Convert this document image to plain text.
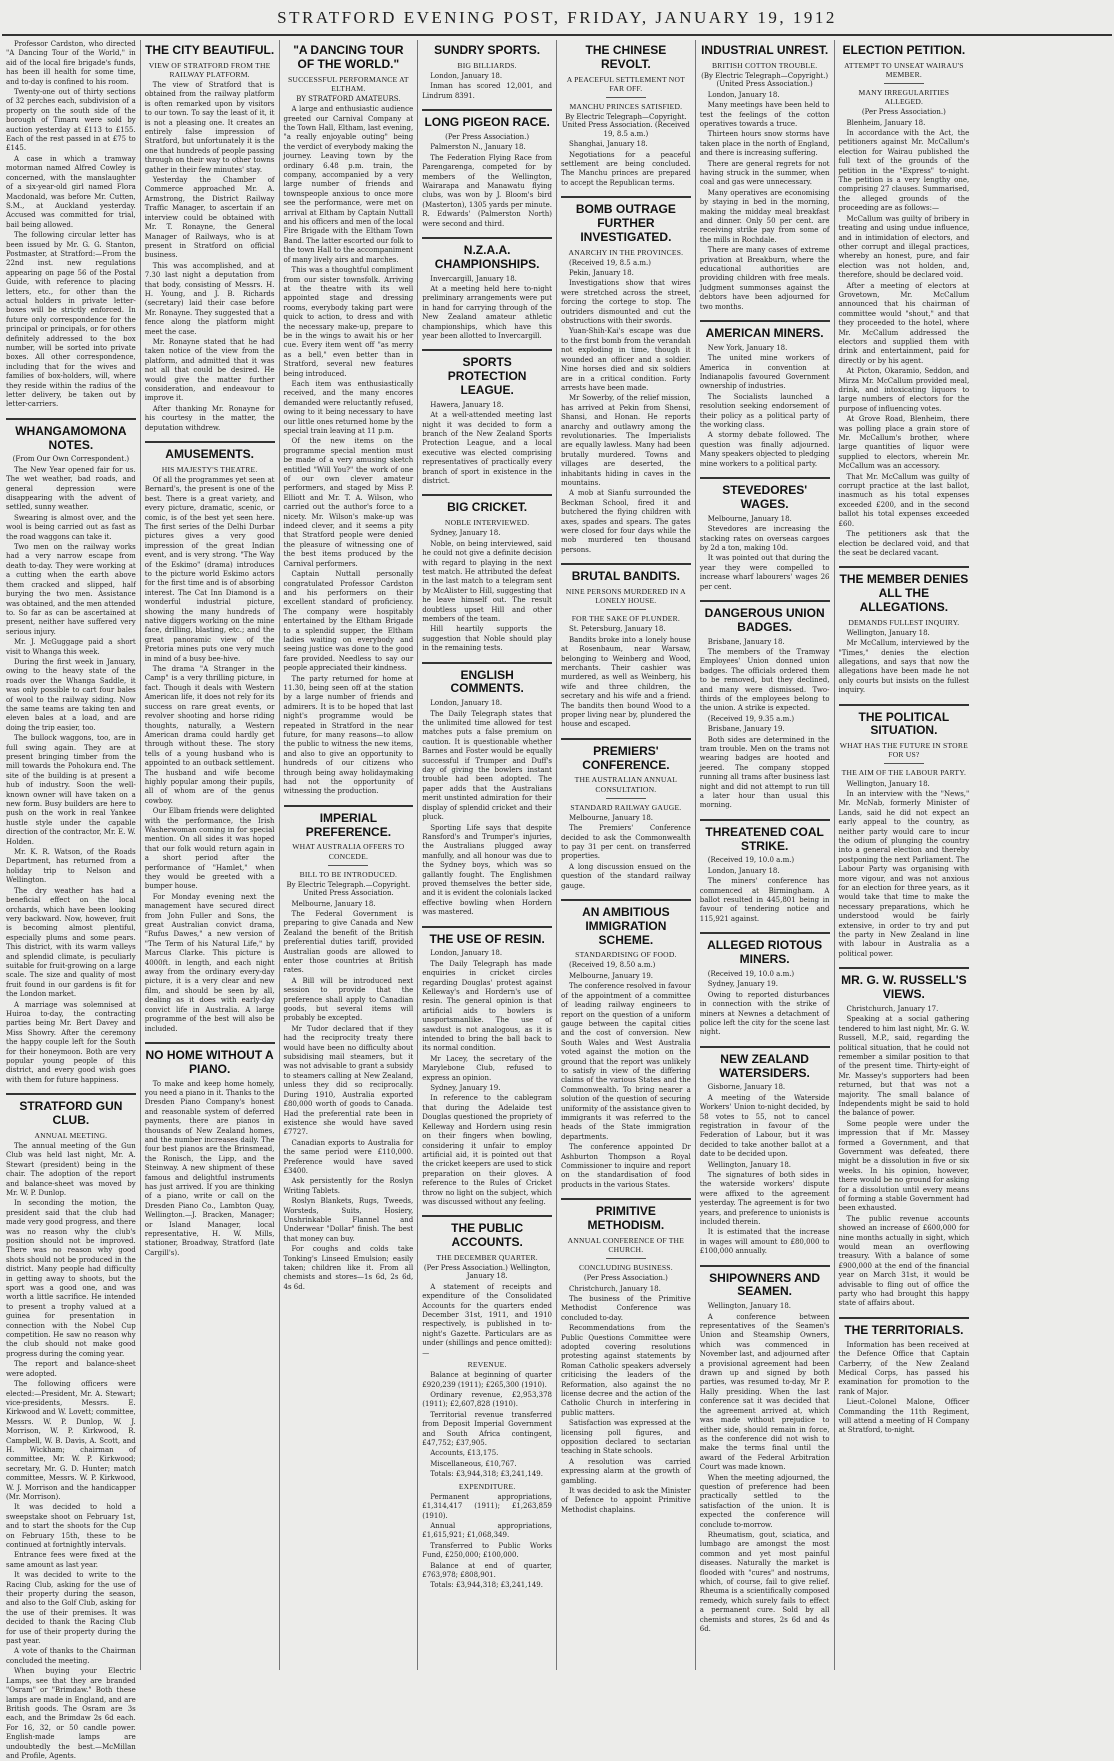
STRATFORD EVENING POST, FRIDAY, JANUARY 19, 1912
Professor Cardston, who directed "A Dancing Tour of the World," in aid of the local fire brigade's funds, has been ill health for some time, and to-day is confined to his room.
Twenty-one out of thirty sections of 32 perches each, subdivision of a property on the south side of the borough of Timaru were sold by auction yesterday at £113 to £155. Each of the rest passed in at £75 to £145.
A case in which a tramway motorman named Alfred Cowley is concerned, with the manslaughter of a six-year-old girl named Flora Macdonald, was before Mr. Cutten, S.M., at Auckland yesterday. Accused was committed for trial, bail being allowed.
The following circular letter has been issued by Mr. G. G. Stanton, Postmaster, at Stratford:—From the 22nd inst. new regulations appearing on page 56 of the Postal Guide, with reference to placing letters, etc., for other than the actual holders in private letter-boxes will be strictly enforced. In future only correspondence for the principal or principals, or for others definitely addressed to the box number, will be sorted into private boxes. All other correspondence, including that for the wives and families of box-holders, will, where they reside within the radius of the letter delivery, be taken out by letter-carriers.
WHANGAMOMONA NOTES.
(From Our Own Correspondent.)
The New Year opened fair for us. The wet weather, bad roads, and general depression were disappearing with the advent of settled, sunny weather.
Swearing is almost over, and the wool is being carried out as fast as the road waggons can take it.
Two men on the railway works had a very narrow escape from death to-day. They were working at a cutting when the earth above them cracked and slipped, half burying the two men. Assistance was obtained, and the men attended to. So far as can be ascertained at present, neither have suffered very serious injury.
Mr. J. McGuggage paid a short visit to Whanga this week.
During the first week in January, owing to the heavy state of the roads over the Whanga Saddle, it was only possible to cart four bales of wool to the railway siding. Now the same teams are taking ten and eleven bales at a load, and are doing the trip easier, too.
The bullock waggons, too, are in full swing again. They are at present bringing timber from the mill towards the Pohokura end. The site of the building is at present a hub of industry. Soon the well-known owner will have taken on a new form. Busy builders are here to push on the work in real Yankee hustle style under the capable direction of the contractor, Mr. E. W. Holden.
Mr. K. R. Watson, of the Roads Department, has returned from a holiday trip to Nelson and Wellington.
The dry weather has had a beneficial effect on the local orchards, which have been looking very backward. Now, however, fruit is becoming almost plentiful, especially plums and some pears. This district, with its warm valleys and splendid climate, is peculiarly suitable for fruit-growing on a large scale. The size and quality of most fruit found in our gardens is fit for the London market.
A marriage was solemnised at Huiroa to-day, the contracting parties being Mr. Bert Davey and Miss Showry. After the ceremony the happy couple left for the South for their honeymoon. Both are very popular young people of this district, and every good wish goes with them for future happiness.
STRATFORD GUN CLUB.
ANNUAL MEETING.
The annual meeting of the Gun Club was held last night, Mr. A. Stewart (president) being in the chair. The adoption of the report and balance-sheet was moved by Mr. W. P. Dunlop.
In seconding the motion, the president said that the club had made very good progress, and there was no reason why the club's position should not be improved. There was no reason why good shots should not be produced in the district. Many people had difficulty in getting away to shoots, but the sport was a good one, and was worth a little sacrifice. He intended to present a trophy valued at a guinea for presentation in connection with the Nobel Cup competition. He saw no reason why the club should not make good progress during the coming year.
The report and balance-sheet were adopted.
The following officers were elected:—President, Mr. A. Stewart; vice-presidents, Messrs. E. Kirkwood and W. Lovett; committee, Messrs. W. P. Dunlop, W. J. Morrison, W. P. Kirkwood, R. Campbell, W. B. Davis, A. Scott, and H. Wickham; chairman of committee, Mr. W. P. Kirkwood; secretary, Mr. G. D. Hunter; match committee, Messrs. W. P. Kirkwood, W. J. Morrison and the handicapper (Mr. Morrison).
It was decided to hold a sweepstake shoot on February 1st, and to start the shoots for the Cup on February 15th, these to be continued at fortnightly intervals.
Entrance fees were fixed at the same amount as last year.
It was decided to write to the Racing Club, asking for the use of their property during the season, and also to the Golf Club, asking for the use of their premises. It was decided to thank the Racing Club for use of their property during the past year.
A vote of thanks to the Chairman concluded the meeting.
When buying your Electric Lamps, see that they are branded "Osram" or "Brimdaw." Both these lamps are made in England, and are British goods. The Osram are 3s each, and the Brimdaw 2s 6d each. For 16, 32, or 50 candle power. English-made lamps are undoubtedly the best.—McMillan and Profile, Agents.
THE CITY BEAUTIFUL.
VIEW OF STRATFORD FROM THE RAILWAY PLATFORM.
The view of Stratford that is obtained from the railway platform is often remarked upon by visitors to our town. To say the least of it, it is not a pleasing one. It creates an entirely false impression of Stratford, but unfortunately it is the one that hundreds of people passing through on their way to other towns gather in their few minutes' stay.
Yesterday the Chamber of Commerce approached Mr. A. Armstrong, the District Railway Traffic Manager, to ascertain if an interview could be obtained with Mr. T. Ronayne, the General Manager of Railways, who is at present in Stratford on official business.
This was accomplished, and at 7.30 last night a deputation from that body, consisting of Messrs. H. H. Young, and J. B. Richards (secretary) laid their case before Mr. Ronayne. They suggested that a fence along the platform might meet the case.
Mr. Ronayne stated that he had taken notice of the view from the platform, and admitted that it was not all that could be desired. He would give the matter further consideration, and endeavour to improve it.
After thanking Mr. Ronayne for his courtesy in the matter, the deputation withdrew.
AMUSEMENTS.
HIS MAJESTY'S THEATRE.
Of all the programmes yet seen at Bernard's, the present is one of the best. There is a great variety, and every picture, dramatic, scenic, or comic, is of the best yet seen here. The first series of the Delhi Durbar pictures gives a very good impression of the great Indian event, and is very strong. "The Way of the Eskimo" (drama) introduces to the picture world Eskimo actors for the first time and is of absorbing interest. The Cat Inn Diamond is a wonderful industrial picture, showing the many hundreds of native diggers working on the mine face, drilling, blasting, etc.; and the great panoramic view of the Pretoria mines puts one very much in mind of a busy bee-hive.
The drama "A Stranger in the Camp" is a very thrilling picture, in fact. Though it deals with Western American life, it does not rely for its success on rare great events, or revolver shooting and horse riding thoughts, naturally, a Western American drama could hardly get through without these. The story tells of a young husband who is appointed to an outback settlement. The husband and wife become highly popular among their pupils, all of whom are of the genus cowboy.
Our Elbam friends were delighted with the performance, the Irish Washerwoman coming in for special mention. On all sides it was hoped that our folk would return again in a short period after the performance of "Hamlet," when they would be greeted with a bumper house.
For Monday evening next the management have secured direct from John Fuller and Sons, the great Australian convict drama, "Rufus Dawes," a new version of "The Term of his Natural Life," by Marcus Clarke. This picture is 4000ft. in length, and each night away from the ordinary every-day picture, it is a very clear and new film, and should be seen by all, dealing as it does with early-day convict life in Australia. A large programme of the best will also be included.
NO HOME WITHOUT A PIANO.
To make and keep home homely, you need a piano in it. Thanks to the Dresden Piano Company's honest and reasonable system of deferred payments, there are pianos in thousands of New Zealand homes, and the number increases daily. The four best pianos are the Brinsmead, the Ronisch, the Lipp, and the Steinway. A new shipment of these famous and delightful instruments has just arrived. If you are thinking of a piano, write or call on the Dresden Piano Co., Lambton Quay, Wellington.—J. Bracken, Manager; or Island Manager, local representative, H. W. Mills, stationer, Broadway, Stratford (late Cargill's).
"A DANCING TOUR OF THE WORLD."
SUCCESSFUL PERFORMANCE AT ELTHAM.
BY STRATFORD AMATEURS.
A large and enthusiastic audience greeted our Carnival Company at the Town Hall, Eltham, last evening, "a really enjoyable outing" being the verdict of everybody making the journey. Leaving town by the ordinary 6.48 p.m. train, the company, accompanied by a very large number of friends and townspeople anxious to once more see the performance, were met on arrival at Eltham by Captain Nuttall and his officers and men of the local Fire Brigade with the Eltham Town Band. The latter escorted our folk to the town Hall to the accompaniment of many lively airs and marches.
This was a thoughtful compliment from our sister townsfolk. Arriving at the theatre with its well appointed stage and dressing rooms, everybody taking part were quick to action, to dress and with the necessary make-up, prepare to be in the wings to await his or her cue. Every item went off "as merry as a bell," even better than in Stratford, several new features being introduced.
Each item was enthusiastically received, and the many encores demanded were reluctantly refused, owing to it being necessary to have our little ones returned home by the special train leaving at 11 p.m.
Of the new items on the programme special mention must be made of a very amusing sketch entitled "Will You?" the work of one of our own clever amateur performers, and staged by Miss P. Elliott and Mr. T. A. Wilson, who carried out the author's force to a nicety. Mr. Wilson's make-up was indeed clever, and it seems a pity that Stratford people were denied the pleasure of witnessing one of the best items produced by the Carnival performers.
Captain Nuttall personally congratulated Professor Cardston and his performers on their excellent standard of proficiency. The company were hospitably entertained by the Eltham Brigade to a splendid supper, the Eltham ladies waiting on everybody and seeing justice was done to the good fare provided. Needless to say our people appreciated their kindness.
The party returned for home at 11.30, being seen off at the station by a large number of friends and admirers. It is to be hoped that last night's programme would be repeated in Stratford in the near future, for many reasons—to allow the public to witness the new items, and also to give an opportunity to hundreds of our citizens who through being away holidaymaking had not the opportunity of witnessing the production.
IMPERIAL PREFERENCE.
WHAT AUSTRALIA OFFERS TO CONCEDE.
BILL TO BE INTRODUCED.
By Electric Telegraph.—Copyright. United Press Association.
Melbourne, January 18.
The Federal Government is preparing to give Canada and New Zealand the benefit of the British preferential duties tariff, provided Australian goods are allowed to enter those countries at British rates.
A Bill will be introduced next session to provide that the preference shall apply to Canadian goods, but several items will probably be excepted.
Mr Tudor declared that if they had the reciprocity treaty there would have been no difficulty about subsidising mail steamers, but it was not advisable to grant a subsidy to steamers calling at New Zealand, unless they did so reciprocally. During 1910, Australia exported £80,000 worth of goods to Canada. Had the preferential rate been in existence she would have saved £7727.
Canadian exports to Australia for the same period were £110,000. Preference would have saved £3400.
Ask persistently for the Roslyn Writing Tablets.
Roslyn Blankets, Rugs, Tweeds, Worsteds, Suits, Hosiery, Unshrinkable Flannel and Underwear "Dollar" finish. The best that money can buy.
For coughs and colds take Tonking's Linseed Emulsion; easily taken; children like it. From all chemists and stores—1s 6d, 2s 6d, 4s 6d.
SUNDRY SPORTS.
BIG BILLIARDS.
London, January 18.
Inman has scored 12,001, and Lindrum 8391.
LONG PIGEON RACE.
(Per Press Association.)
Palmerston N., January 18.
The Federation Flying Race from Parengarenga, competed for by members of the Wellington, Wairarapa and Manawatu flying clubs, was won by J. Bloom's bird (Masterton), 1305 yards per minute. R. Edwards' (Palmerston North) were second and third.
N.Z.A.A. CHAMPIONSHIPS.
Invercargill, January 18.
At a meeting held here to-night preliminary arrangements were put in hand for carrying through of the New Zealand amateur athletic championships, which have this year been allotted to Invercargill.
SPORTS PROTECTION LEAGUE.
Hawera, January 18.
At a well-attended meeting last night it was decided to form a branch of the New Zealand Sports Protection League, and a local executive was elected comprising representatives of practically every branch of sport in existence in the district.
BIG CRICKET.
NOBLE INTERVIEWED.
Sydney, January 18.
Noble, on being interviewed, said he could not give a definite decision with regard to playing in the next test match. He attributed the defeat in the last match to a telegram sent by McAlister to Hill, suggesting that he leave himself out. The result doubtless upset Hill and other members of the team.
Hill heartily supports the suggestion that Noble should play in the remaining tests.
ENGLISH COMMENTS.
London, January 18.
The Daily Telegraph states that the unlimited time allowed for test matches puts a false premium on caution. It is questionable whether Barnes and Foster would be equally successful if Trumper and Duff's day of giving the bowlers instant trouble had been adopted. The paper adds that the Australians merit unstinted admiration for their display of splendid cricket and their pluck.
Sporting Life says that despite Ransford's and Trumper's injuries, the Australians plugged away manfully, and all honour was due to the Sydney boys, which was so gallantly fought. The Englishmen proved themselves the better side, and it is evident the colonials lacked effective bowling when Hordern was mastered.
THE USE OF RESIN.
London, January 18.
The Daily Telegraph has made enquiries in cricket circles regarding Douglas' protest against Kelleway's and Hordern's use of resin. The general opinion is that artificial aids to bowlers is unsportsmanlike. The use of sawdust is not analogous, as it is intended to bring the ball back to its normal condition.
Mr Lacey, the secretary of the Marylebone Club, refused to express an opinion.
Sydney, January 19.
In reference to the cablegram that during the Adelaide test Douglas questioned the propriety of Kelleway and Hordern using resin on their fingers when bowling, considering it unfair to employ artificial aid, it is pointed out that the cricket keepers are used to stick preparation on their gloves. A reference to the Rules of Cricket throw no light on the subject, which was discussed without any feeling.
THE PUBLIC ACCOUNTS.
THE DECEMBER QUARTER.
(Per Press Association.) Wellington, January 18.
A statement of receipts and expenditure of the Consolidated Accounts for the quarters ended December 31st, 1911, and 1910 respectively, is published in to-night's Gazette. Particulars are as under (shillings and pence omitted):—
REVENUE.
Balance at beginning of quarter £920,239 (1911); £265,300 (1910).
Ordinary revenue, £2,953,378 (1911); £2,607,828 (1910).
Territorial revenue transferred from Deposit Imperial Government and South Africa contingent, £47,752; £37,905.
Accounts, £13,175.
Miscellaneous, £10,767.
Totals: £3,944,318; £3,241,149.
EXPENDITURE.
Permanent appropriations, £1,314,417 (1911); £1,263,859 (1910).
Annual appropriations, £1,615,921; £1,068,349.
Transferred to Public Works Fund, £250,000; £100,000.
Balance at end of quarter, £763,978; £808,901.
Totals: £3,944,318; £3,241,149.
THE CHINESE REVOLT.
A PEACEFUL SETTLEMENT NOT FAR OFF.
MANCHU PRINCES SATISFIED.
By Electric Telegraph—Copyright. United Press Association. (Received 19, 8.5 a.m.)
Shanghai, January 18.
Negotiations for a peaceful settlement are being concluded. The Manchu princes are prepared to accept the Republican terms.
BOMB OUTRAGE FURTHER INVESTIGATED.
ANARCHY IN THE PROVINCES.
(Received 19, 8.5 a.m.)
Pekin, January 18.
Investigations show that wires were stretched across the street, forcing the cortege to stop. The outriders dismounted and cut the obstructions with their swords.
Yuan-Shih-Kai's escape was due to the first bomb from the verandah not exploding in time, though it wounded an officer and a soldier. Nine horses died and six soldiers are in a critical condition. Forty arrests have been made.
Mr Sowerby, of the relief mission, has arrived at Pekin from Shensi, Shansi, and Honan. He reports anarchy and outlawry among the revolutionaries. The Imperialists are equally lawless. Many had been brutally murdered. Towns and villages are deserted, the inhabitants hiding in caves in the mountains.
A mob at Sianfu surrounded the Beckman School, fired it and butchered the flying children with axes, spades and spears. The gates were closed for four days while the mob murdered ten thousand persons.
BRUTAL BANDITS.
NINE PERSONS MURDERED IN A LONELY HOUSE.
FOR THE SAKE OF PLUNDER.
St. Petersburg, January 18.
Bandits broke into a lonely house at Rosenbaum, near Warsaw, belonging to Weinberg and Wood, merchants. Their cashier was murdered, as well as Weinberg, his wife and three children, the secretary and his wife and a friend. The bandits then bound Wood to a proper living near by, plundered the house and escaped.
PREMIERS' CONFERENCE.
THE AUSTRALIAN ANNUAL CONSULTATION.
STANDARD RAILWAY GAUGE.
Melbourne, January 18.
The Premiers' Conference decided to ask the Commonwealth to pay 31 per cent. on transferred properties.
A long discussion ensued on the question of the standard railway gauge.
AN AMBITIOUS IMMIGRATION SCHEME.
STANDARDISING OF FOOD.
(Received 19, 8.50 a.m.)
Melbourne, January 19.
The conference resolved in favour of the appointment of a committee of leading railway engineers to report on the question of a uniform gauge between the capital cities and the cost of conversion. New South Wales and West Australia voted against the motion on the ground that the report was unlikely to satisfy in view of the differing claims of the various States and the Commonwealth. To bring nearer a solution of the question of securing uniformity of the assistance given to immigrants it was referred to the heads of the State immigration departments.
The conference appointed Dr Ashburton Thompson a Royal Commissioner to inquire and report on the standardisation of food products in the various States.
PRIMITIVE METHODISM.
ANNUAL CONFERENCE OF THE CHURCH.
CONCLUDING BUSINESS.
(Per Press Association.)
Christchurch, January 18.
The business of the Primitive Methodist Conference was concluded to-day.
Recommendations from the Public Questions Committee were adopted covering resolutions protesting against statements by Roman Catholic speakers adversely criticising the leaders of the Reformation, also against the no license decree and the action of the Catholic Church in interfering in public matters.
Satisfaction was expressed at the licensing poll figures, and opposition declared to sectarian teaching in State schools.
A resolution was carried expressing alarm at the growth of gambling.
It was decided to ask the Minister of Defence to appoint Primitive Methodist chaplains.
INDUSTRIAL UNREST.
BRITISH COTTON TROUBLE.
(By Electric Telegraph—Copyright.) (United Press Association.)
London, January 18.
Many meetings have been held to test the feelings of the cotton operatives towards a truce.
Thirteen hours snow storms have taken place in the north of England, and there is increasing suffering.
There are general regrets for not having struck in the summer, when coal and gas were unnecessary.
Many operatives are economising by staying in bed in the morning, making the midday meal breakfast and dinner. Only 50 per cent. are receiving strike pay from some of the mills in Rochdale.
There are many cases of extreme privation at Breakburn, where the educational authorities are providing children with free meals. Judgment summonses against the debtors have been adjourned for two months.
AMERICAN MINERS.
New York, January 18.
The united mine workers of America in convention at Indianapolis favoured Government ownership of industries.
The Socialists launched a resolution seeking endorsement of their policy as a political party of the working class.
A stormy debate followed. The question was finally adjourned. Many speakers objected to pledging mine workers to a political party.
STEVEDORES' WAGES.
Melbourne, January 18.
Stevedores are increasing the stacking rates on overseas cargoes by 2d a ton, making 10d.
It was pointed out that during the year they were compelled to increase wharf labourers' wages 26 per cent.
DANGEROUS UNION BADGES.
Brisbane, January 18.
The members of the Tramway Employees' Union donned union badges. The officials ordered them to be removed, but they declined, and many were dismissed. Two-thirds of the employees belong to the union. A strike is expected.
(Received 19, 9.35 a.m.)
Brisbane, January 19.
Both sides are determined in the tram trouble. Men on the trams not wearing badges are hooted and jeered. The company stopped running all trams after business last night and did not attempt to run till a later hour than usual this morning.
THREATENED COAL STRIKE.
(Received 19, 10.0 a.m.)
London, January 18.
The miners' conference has commenced at Birmingham. A ballot resulted in 445,801 being in favour of tendering notice and 115,921 against.
ALLEGED RIOTOUS MINERS.
(Received 19, 10.0 a.m.)
Sydney, January 19.
Owing to reported disturbances in connection with the strike of miners at Newnes a detachment of police left the city for the scene last night.
NEW ZEALAND WATERSIDERS.
Gisborne, January 18.
A meeting of the Waterside Workers' Union to-night decided, by 58 votes to 55, not to cancel registration in favour of the Federation of Labour, but it was decided to take another ballot at a date to be decided upon.
Wellington, January 18.
The signatures of both sides in the waterside workers' dispute were affixed to the agreement yesterday. The agreement is for two years, and preference to unionists is included therein.
It is estimated that the increase in wages will amount to £80,000 to £100,000 annually.
SHIPOWNERS AND SEAMEN.
Wellington, January 18.
A conference between representatives of the Seamen's Union and Steamship Owners, which was commenced in November last, and adjourned after a provisional agreement had been drawn up and signed by both parties, was resumed to-day, Mr P. Hally presiding. When the last conference sat it was decided that the agreement arrived at, which was made without prejudice to either side, should remain in force, as the conference did not wish to make the terms final until the award of the Federal Arbitration Court was made known.
When the meeting adjourned, the question of preference had been practically settled to the satisfaction of the union. It is expected the conference will conclude to-morrow.
Rheumatism, gout, sciatica, and lumbago are amongst the most common and yet most painful diseases. Naturally the market is flooded with "cures" and nostrums, which, of course, fail to give relief. Rheuma is a scientifically composed remedy, which surely fails to effect a permanent cure. Sold by all chemists and stores, 2s 6d and 4s 6d.
ELECTION PETITION.
ATTEMPT TO UNSEAT WAIRAU'S MEMBER.
MANY IRREGULARITIES ALLEGED.
(Per Press Association.)
Blenheim, January 18.
In accordance with the Act, the petitioners against Mr. McCallum's election for Wairau published the full text of the grounds of the petition in the "Express" to-night. The petition is a very lengthy one, comprising 27 clauses. Summarised, the alleged grounds of the proceeding are as follows:—
McCallum was guilty of bribery in treating and using undue influence, and in intimidation of electors, and other corrupt and illegal practices, whereby an honest, pure, and fair election was not holden, and, therefore, should be declared void.
After a meeting of electors at Grovetown, Mr. McCallum announced that his chairman of committee would "shout," and that they proceeded to the hotel, where Mr. McCallum addressed the electors and supplied them with drink and entertainment, paid for directly or by his agent.
At Picton, Okaramio, Seddon, and Mirza Mr. McCallum provided meal, drink, and intoxicating liquors to large numbers of electors for the purpose of influencing votes.
At Grove Road, Blenheim, there was polling place a grain store of Mr. McCallum's brother, where large quantities of liquor were supplied to electors, wherein Mr. McCallum was an accessory.
That Mr. McCallum was guilty of corrupt practice at the last ballot, inasmuch as his total expenses exceeded £200, and in the second ballot his total expenses exceeded £60.
The petitioners ask that the election be declared void, and that the seat be declared vacant.
THE MEMBER DENIES ALL THE ALLEGATIONS.
DEMANDS FULLEST INQUIRY.
Wellington, January 18.
Mr McCallum, interviewed by the "Times," denies the election allegations, and says that now the allegations have been made he not only courts but insists on the fullest inquiry.
THE POLITICAL SITUATION.
WHAT HAS THE FUTURE IN STORE FOR US?
THE AIM OF THE LABOUR PARTY.
Wellington, January 18.
In an interview with the "News," Mr. McNab, formerly Minister of Lands, said he did not expect an early appeal to the country, as neither party would care to incur the odium of plunging the country into a general election and thereby postponing the next Parliament. The Labour Party was organising with more vigour, and was not anxious for an election for three years, as it would take that time to make the necessary preparations, which he understood would be fairly extensive, in order to try and put the party in New Zealand in line with labour in Australia as a political power.
MR. G. W. RUSSELL'S VIEWS.
Christchurch, January 17.
Speaking at a social gathering tendered to him last night, Mr. G. W. Russell, M.P., said, regarding the political situation, that he could not remember a similar position to that of the present time. Thirty-eight of Mr. Massey's supporters had been returned, but that was not a majority. The small balance of Independents might be said to hold the balance of power.
Some people were under the impression that if Mr. Massey formed a Government, and that Government was defeated, there might be a dissolution in five or six weeks. In his opinion, however, there would be no ground for asking for a dissolution until every means of forming a stable Government had been exhausted.
The public revenue accounts showed an increase of £600,000 for nine months actually in sight, which would mean an overflowing treasury. With a balance of some £900,000 at the end of the financial year on March 31st, it would be advisable to fling out of office the party who had brought this happy state of affairs about.
THE TERRITORIALS.
Information has been received at the Defence Office that Captain Carberry, of the New Zealand Medical Corps, has passed his examination for promotion to the rank of Major.
Lieut.-Colonel Malone, Officer Commanding the 11th Regiment, will attend a meeting of H Company at Stratford, to-night.
